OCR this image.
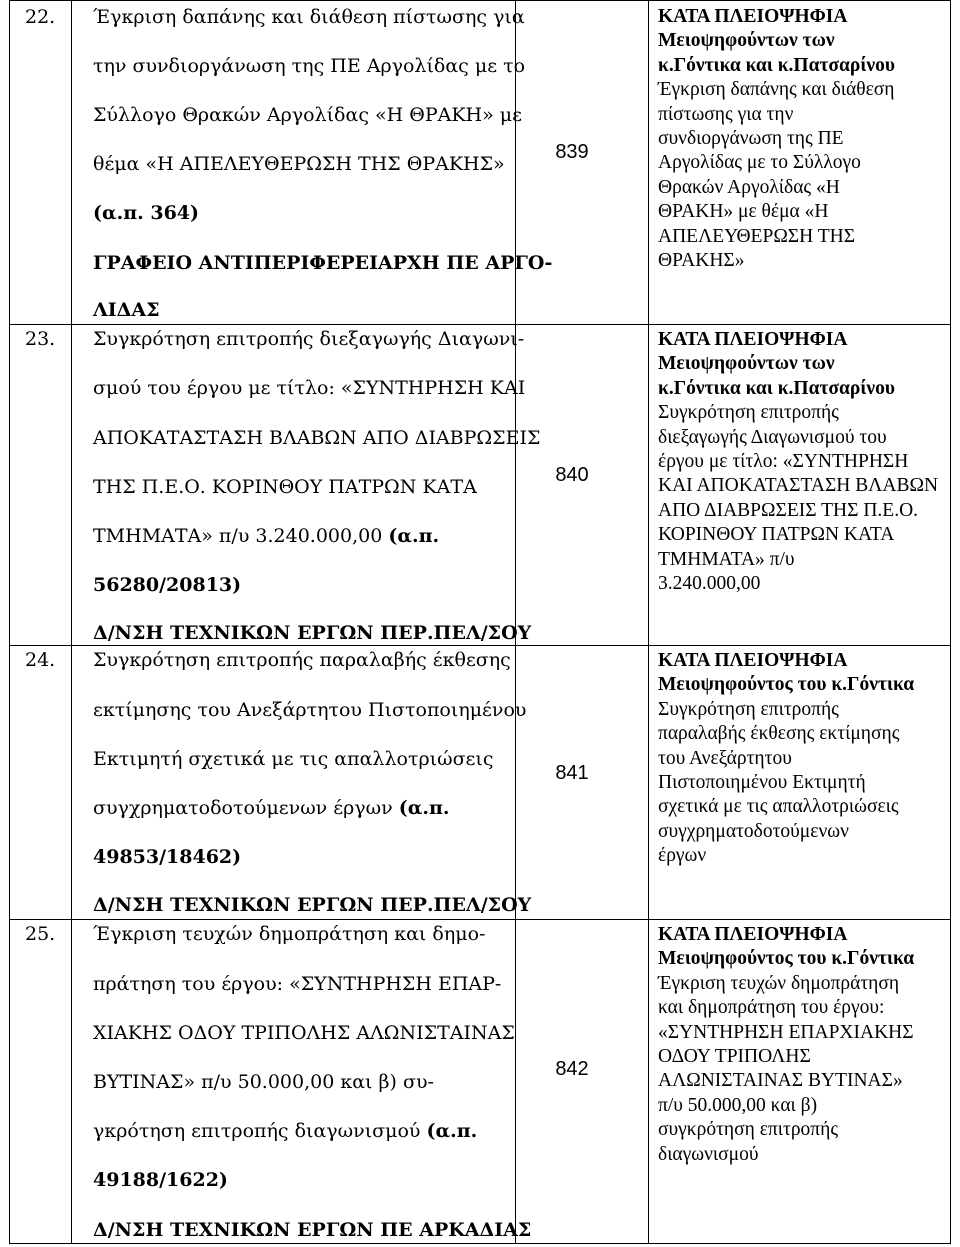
22. Έγκριση δαπάνης και διάθεση πίστωσης για
την συνδιοργάνωση της ΠΕ Αργολίδας με το
Σύλλογο Θρακών Αργολίδας «Η ΘΡΑΚΗ» με
θέμα «Η ΑΠΕΛΕΥΘΕΡΩΣΗ ΤΗΣ ΘΡΑΚΗΣ»
(α.π. 364)
ΓΡΑΦΕΙΟ ΑΝΤΙΠΕΡΙΦΕΡΕΙΑΡΧΗ ΠΕ ΑΡΓΟ-
ΛΙΔΑΣ
839
ΚΑΤΑ ΠΛΕΙΟΨΗΦΙΑ
Μειοψηφούντων των
κ.Γόντικα και κ.Πατσαρίνου
Έγκριση δαπάνης και διάθεση
πίστωσης για την
συνδιοργάνωση της ΠΕ
Αργολίδας με το Σύλλογο
Θρακών Αργολίδας «Η
ΘΡΑΚΗ» με θέμα «Η
ΑΠΕΛΕΥΘΕΡΩΣΗ ΤΗΣ
ΘΡΑΚΗΣ»
23. Συγκρότηση επιτροπής διεξαγωγής Διαγωνι-
σμού του έργου με τίτλο: «ΣΥΝΤΗΡΗΣΗ ΚΑΙ
ΑΠΟΚΑΤΑΣΤΑΣΗ ΒΛΑΒΩΝ ΑΠΟ ΔΙΑΒΡΩΣΕΙΣ
ΤΗΣ Π.Ε.Ο. ΚΟΡΙΝΘΟΥ ΠΑΤΡΩΝ ΚΑΤΑ
ΤΜΗΜΑΤΑ» π/υ 3.240.000,00 (α.π.
56280/20813)
Δ/ΝΣΗ ΤΕΧΝΙΚΩΝ ΕΡΓΩΝ ΠΕΡ.ΠΕΛ/ΣΟΥ
840
ΚΑΤΑ ΠΛΕΙΟΨΗΦΙΑ
Μειοψηφούντων των
κ.Γόντικα και κ.Πατσαρίνου
Συγκρότηση επιτροπής
διεξαγωγής Διαγωνισμού του
έργου με τίτλο: «ΣΥΝΤΗΡΗΣΗ
ΚΑΙ ΑΠΟΚΑΤΑΣΤΑΣΗ ΒΛΑΒΩΝ
ΑΠΟ ΔΙΑΒΡΩΣΕΙΣ ΤΗΣ Π.Ε.Ο.
ΚΟΡΙΝΘΟΥ ΠΑΤΡΩΝ ΚΑΤΑ
ΤΜΗΜΑΤΑ» π/υ
3.240.000,00
24. Συγκρότηση επιτροπής παραλαβής έκθεσης
εκτίμησης του Ανεξάρτητου Πιστοποιημένου
Εκτιμητή σχετικά με τις απαλλοτριώσεις
συγχρηματοδοτούμενων έργων (α.π.
49853/18462)
Δ/ΝΣΗ ΤΕΧΝΙΚΩΝ ΕΡΓΩΝ ΠΕΡ.ΠΕΛ/ΣΟΥ
841
ΚΑΤΑ ΠΛΕΙΟΨΗΦΙΑ
Μειοψηφούντος του κ.Γόντικα
Συγκρότηση επιτροπής
παραλαβής έκθεσης εκτίμησης
του Ανεξάρτητου
Πιστοποιημένου Εκτιμητή
σχετικά με τις απαλλοτριώσεις
συγχρηματοδοτούμενων
έργων
25. Έγκριση τευχών δημοπράτηση και δημο-
πράτηση του έργου: «ΣΥΝΤΗΡΗΣΗ ΕΠΑΡ-
ΧΙΑΚΗΣ ΟΔΟΥ ΤΡΙΠΟΛΗΣ ΑΛΩΝΙΣΤΑΙΝΑΣ
ΒΥΤΙΝΑΣ» π/υ 50.000,00 και β) συ-
γκρότηση επιτροπής διαγωνισμού (α.π.
49188/1622)
Δ/ΝΣΗ ΤΕΧΝΙΚΩΝ ΕΡΓΩΝ ΠΕ ΑΡΚΑΔΙΑΣ
842
ΚΑΤΑ ΠΛΕΙΟΨΗΦΙΑ
Μειοψηφούντος του κ.Γόντικα
Έγκριση τευχών δημοπράτηση
και δημοπράτηση του έργου:
«ΣΥΝΤΗΡΗΣΗ ΕΠΑΡΧΙΑΚΗΣ
ΟΔΟΥ ΤΡΙΠΟΛΗΣ
ΑΛΩΝΙΣΤΑΙΝΑΣ ΒΥΤΙΝΑΣ»
π/υ 50.000,00 και β)
συγκρότηση επιτροπής
διαγωνισμού
